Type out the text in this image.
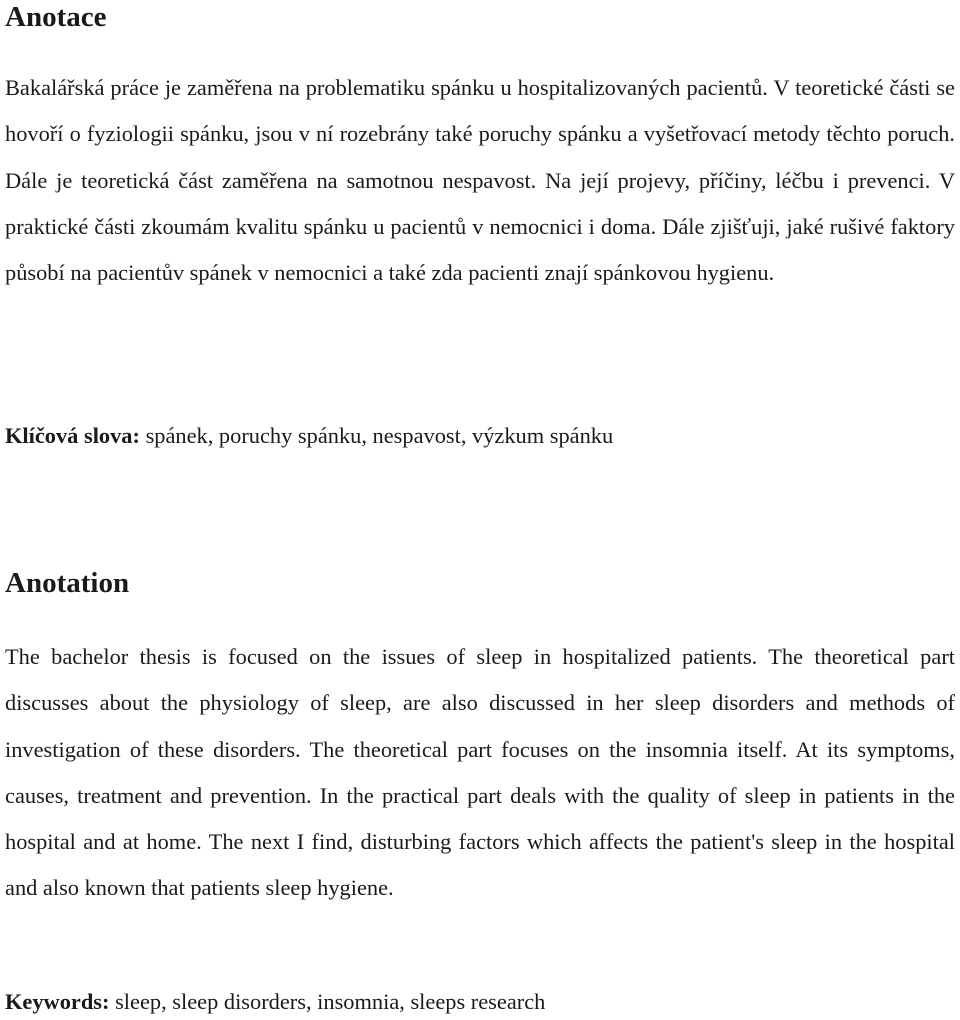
Anotace

Bakalářská práce je zaměřena na problematiku spánku u hospitalizovaných pacientů. V teoretické části se hovoří o fyziologii spánku, jsou v ní rozebrány také poruchy spánku a vyšetřovací metody těchto poruch. Dále je teoretická část zaměřena na samotnou nespavost. Na její projevy, příčiny, léčbu i prevenci. V praktické části zkoumám kvalitu spánku u pacientů v nemocnici i doma. Dále zjišťuji, jaké rušivé faktory působí na pacientův spánek v nemocnici a také zda pacienti znají spánkovou hygienu.

Klíčová slova: spánek, poruchy spánku, nespavost, výzkum spánku

Anotation

The bachelor thesis is focused on the issues of sleep in hospitalized patients. The theoretical part discusses about the physiology of sleep, are also discussed in her sleep disorders and methods of investigation of these disorders. The theoretical part focuses on the insomnia itself. At its symptoms, causes, treatment and prevention. In the practical part deals with the quality of sleep in patients in the hospital and at home. The next I find, disturbing factors which affects the patient's sleep in the hospital and also known that patients sleep hygiene.

Keywords: sleep, sleep disorders, insomnia, sleeps research
